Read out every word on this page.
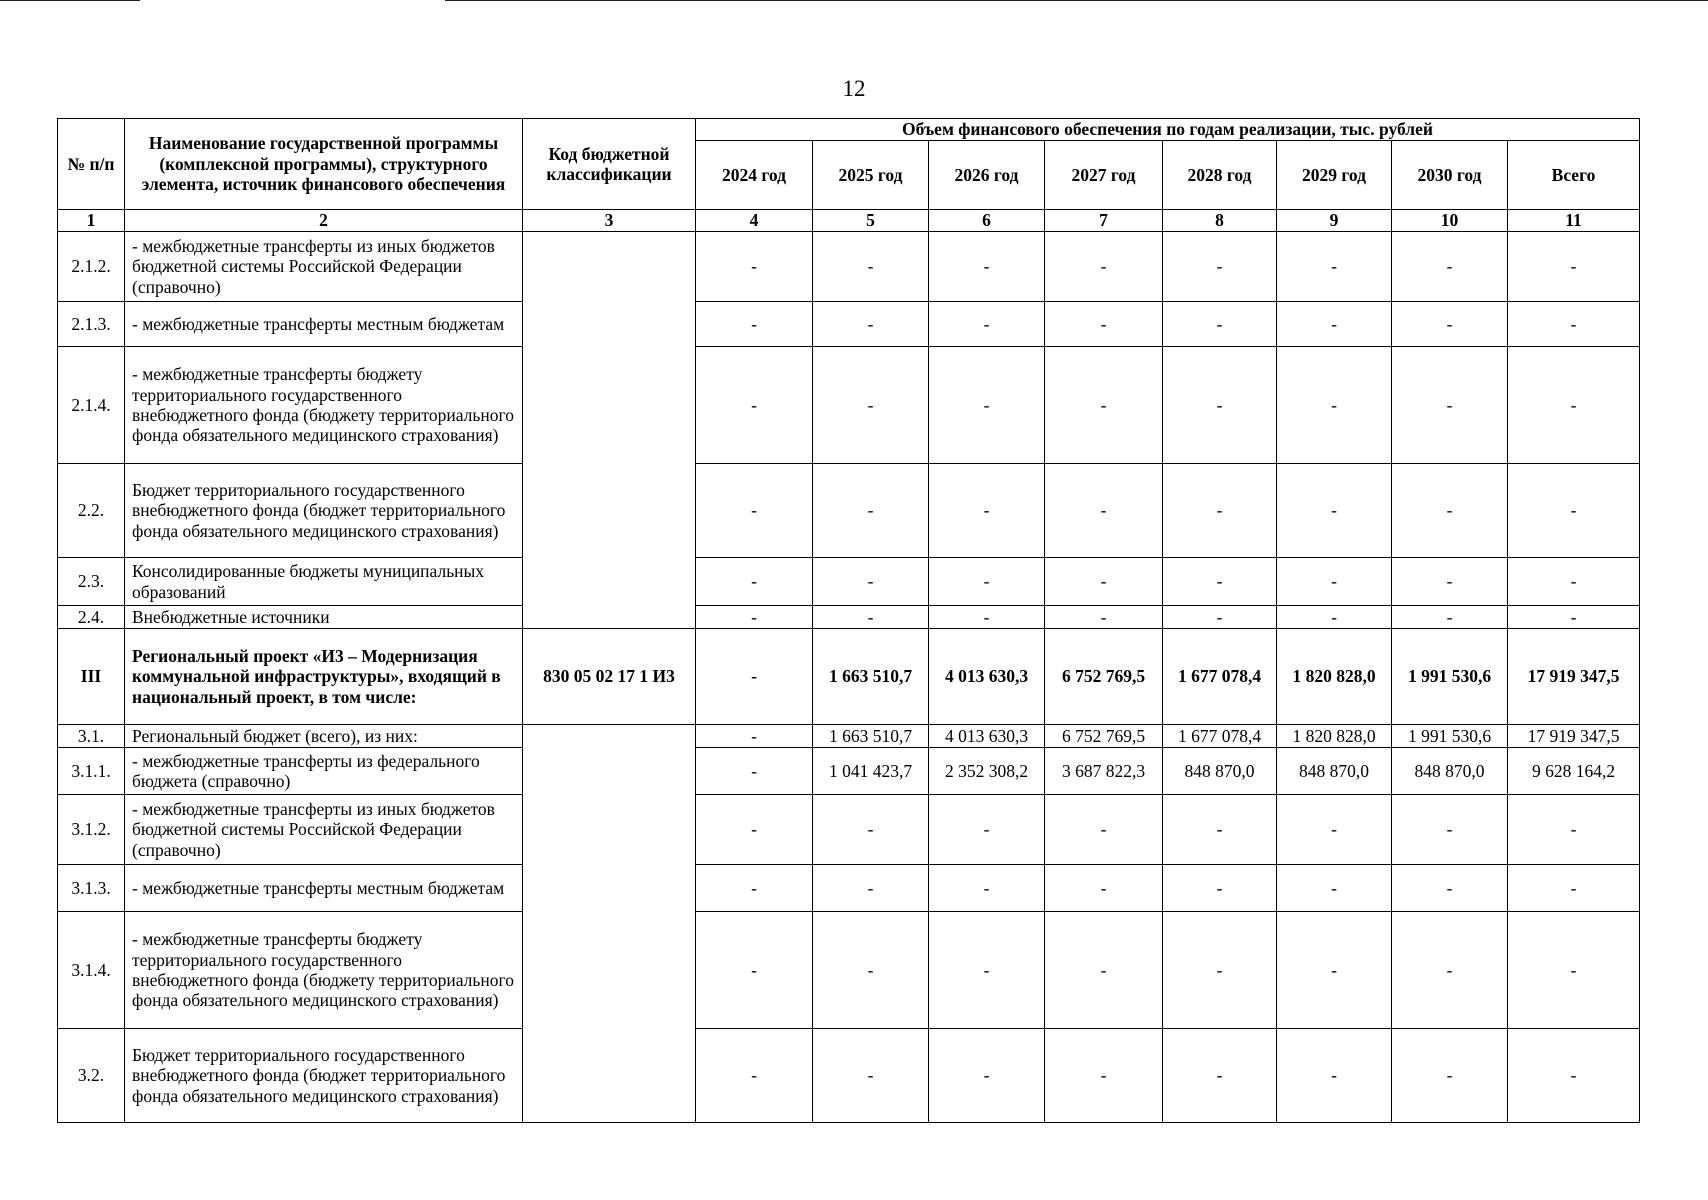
12
№ п/п	Наименование государственной программы (комплексной программы), структурного элемента, источник финансового обеспечения	Код бюджетной классификации	Объем финансового обеспечения по годам реализации, тыс. рублей							
			2024 год	2025 год	2026 год	2027 год	2028 год	2029 год	2030 год	Всего
1	2	3	4	5	6	7	8	9	10	11
2.1.2.	- межбюджетные трансферты из иных бюджетов бюджетной системы Российской Федерации (справочно)		-	-	-	-	-	-	-	-
2.1.3.	- межбюджетные трансферты местным бюджетам		-	-	-	-	-	-	-	-
2.1.4.	- межбюджетные трансферты бюджету территориального государственного внебюджетного фонда (бюджету территориального фонда обязательного медицинского страхования)		-	-	-	-	-	-	-	-
2.2.	Бюджет территориального государственного внебюджетного фонда (бюджет территориального фонда обязательного медицинского страхования)		-	-	-	-	-	-	-	-
2.3.	Консолидированные бюджеты муниципальных образований		-	-	-	-	-	-	-	-
2.4.	Внебюджетные источники		-	-	-	-	-	-	-	-
III	Региональный проект «И3 – Модернизация коммунальной инфраструктуры», входящий в национальный проект, в том числе:	830 05 02 17 1 И3	-	1 663 510,7	4 013 630,3	6 752 769,5	1 677 078,4	1 820 828,0	1 991 530,6	17 919 347,5
3.1.	Региональный бюджет (всего), из них:		-	1 663 510,7	4 013 630,3	6 752 769,5	1 677 078,4	1 820 828,0	1 991 530,6	17 919 347,5
3.1.1.	- межбюджетные трансферты из федерального бюджета (справочно)		-	1 041 423,7	2 352 308,2	3 687 822,3	848 870,0	848 870,0	848 870,0	9 628 164,2
3.1.2.	- межбюджетные трансферты из иных бюджетов бюджетной системы Российской Федерации (справочно)		-	-	-	-	-	-	-	-
3.1.3.	- межбюджетные трансферты местным бюджетам		-	-	-	-	-	-	-	-
3.1.4.	- межбюджетные трансферты бюджету территориального государственного внебюджетного фонда (бюджету территориального фонда обязательного медицинского страхования)		-	-	-	-	-	-	-	-
3.2.	Бюджет территориального государственного внебюджетного фонда (бюджет территориального фонда обязательного медицинского страхования)		-	-	-	-	-	-	-	-
